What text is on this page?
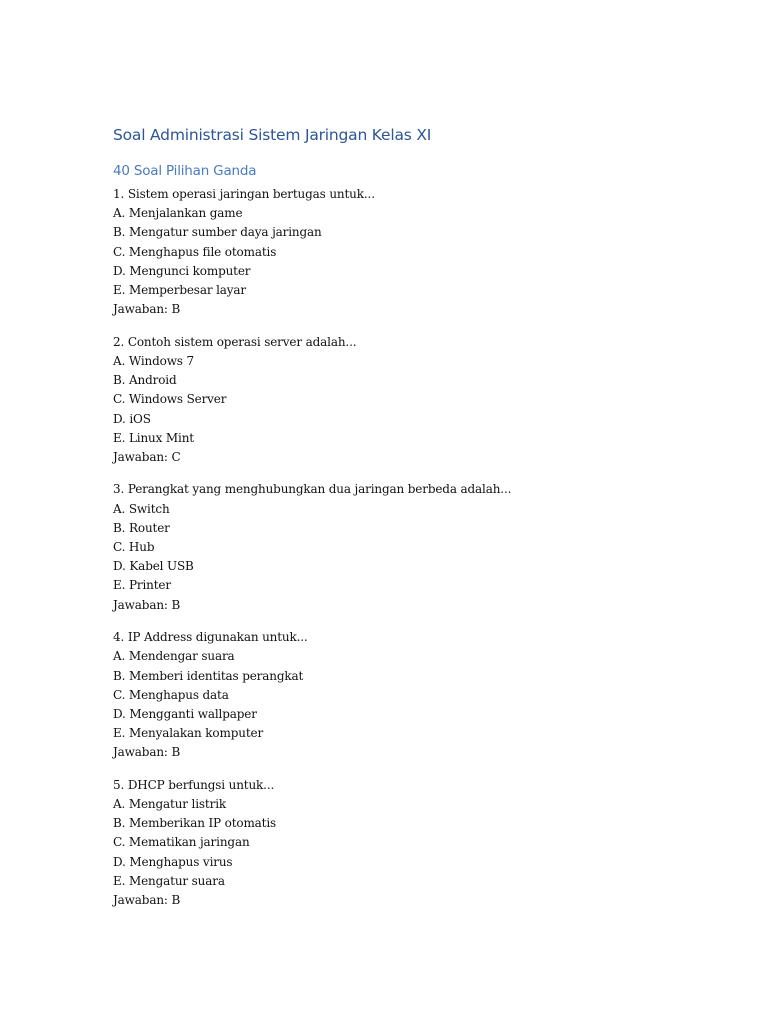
Soal Administrasi Sistem Jaringan Kelas XI
40 Soal Pilihan Ganda
1. Sistem operasi jaringan bertugas untuk...
A. Menjalankan game
B. Mengatur sumber daya jaringan
C. Menghapus file otomatis
D. Mengunci komputer
E. Memperbesar layar
Jawaban: B
2. Contoh sistem operasi server adalah...
A. Windows 7
B. Android
C. Windows Server
D. iOS
E. Linux Mint
Jawaban: C
3. Perangkat yang menghubungkan dua jaringan berbeda adalah...
A. Switch
B. Router
C. Hub
D. Kabel USB
E. Printer
Jawaban: B
4. IP Address digunakan untuk...
A. Mendengar suara
B. Memberi identitas perangkat
C. Menghapus data
D. Mengganti wallpaper
E. Menyalakan komputer
Jawaban: B
5. DHCP berfungsi untuk...
A. Mengatur listrik
B. Memberikan IP otomatis
C. Mematikan jaringan
D. Menghapus virus
E. Mengatur suara
Jawaban: B
